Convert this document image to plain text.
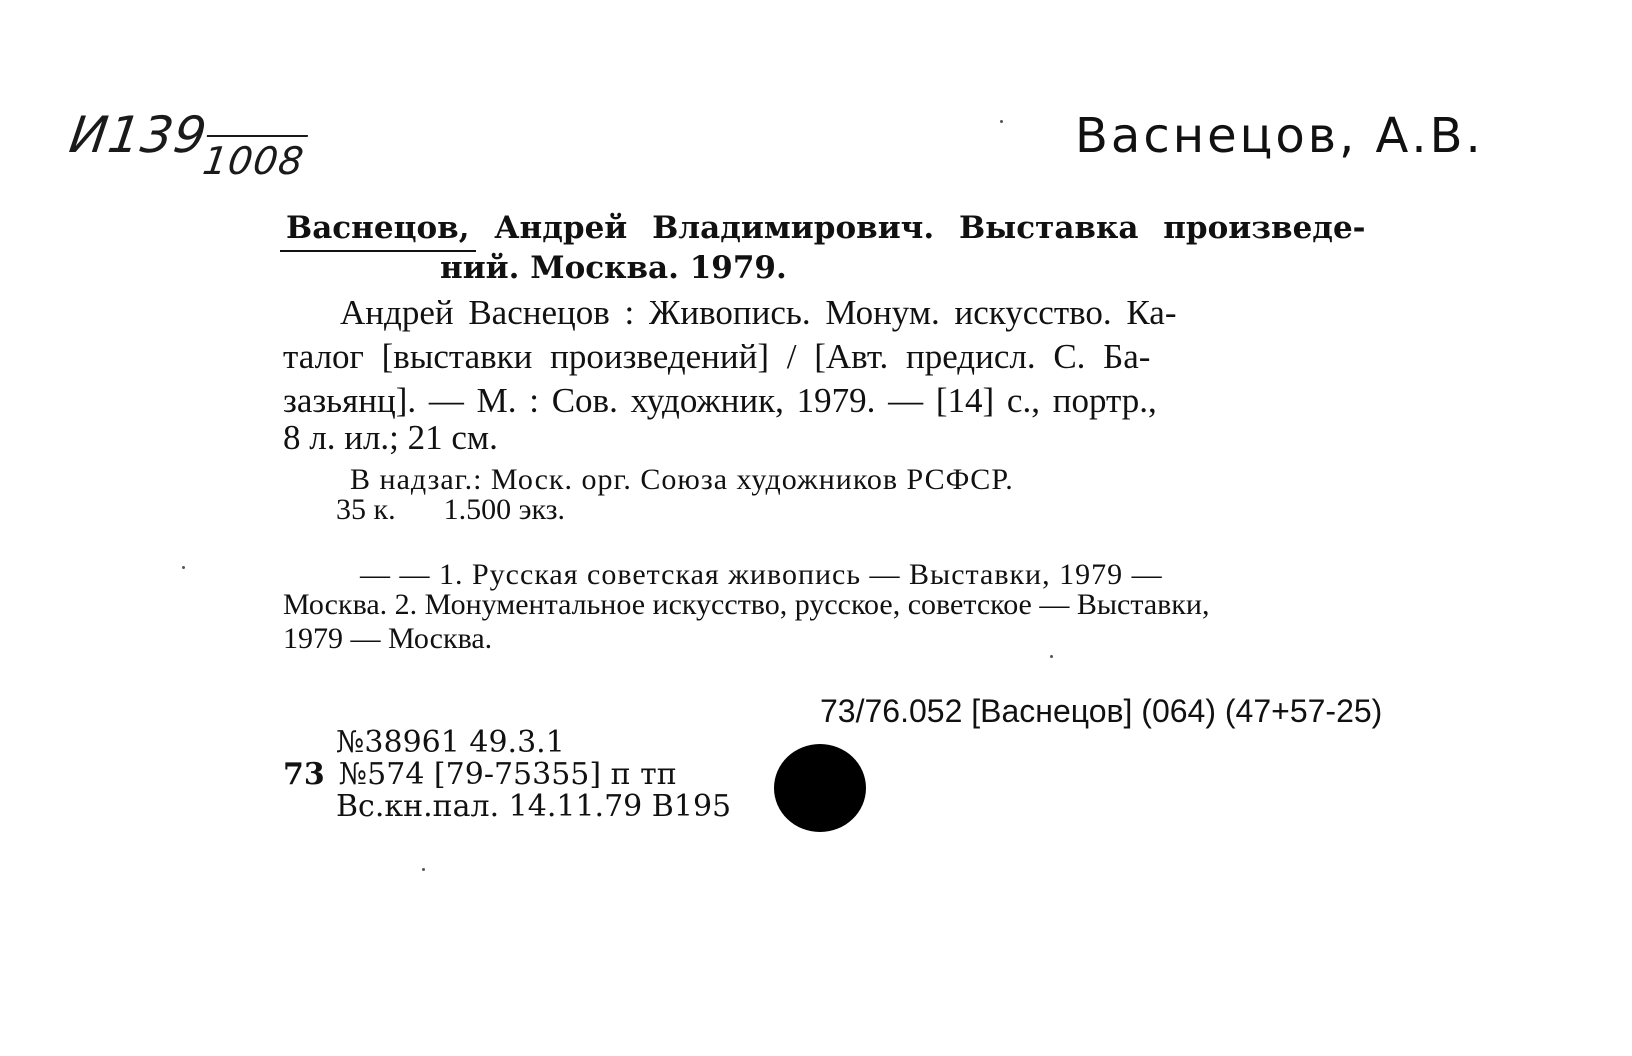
И1391008	Васнецов, А.В.
Васнецов, Андрей Владимирович. Выставка произведе-
ний. Москва. 1979.
Андрей Васнецов : Живопись. Монум. искусство. Ка-
талог [выставки произведений] / [Авт. предисл. С. Ба-
зазьянц]. — М. : Сов. художник, 1979. — [14] с., портр.,
8 л. ил.; 21 см.
В надзаг.: Моск. орг. Союза художников РСФСР.
35 к. 1.500 экз.
— — 1. Русская советская живопись — Выставки, 1979 —
Москва. 2. Монументальное искусство, русское, советское — Выставки,
1979 — Москва.
73/76.052 [Васнецов] (064) (47+57-25)
№38961 49.3.1
73 №574 [79-75355] п тп
Вс.кн.пал. 14.11.79 В195
